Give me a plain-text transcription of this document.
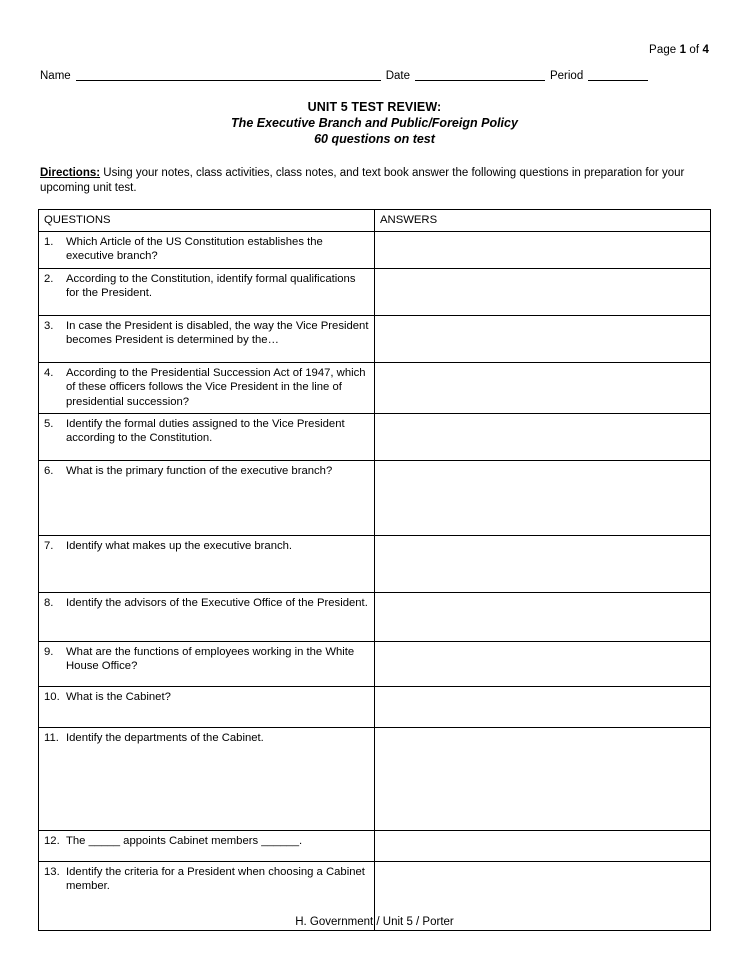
Page 1 of 4
Name	Date	Period
UNIT 5 TEST REVIEW:
The Executive Branch and Public/Foreign Policy
60 questions on test
Directions: Using your notes, class activities, class notes, and text book answer the following questions in preparation for your upcoming unit test.
QUESTIONS	ANSWERS

1. Which Article of the US Constitution establishes the executive branch?	

2. According to the Constitution, identify formal qualifications for the President.	

3. In case the President is disabled, the way the Vice President becomes President is determined by the…	

4. According to the Presidential Succession Act of 1947, which of these officers follows the Vice President in the line of presidential succession?	

5. Identify the formal duties assigned to the Vice President according to the Constitution.	

6. What is the primary function of the executive branch?	

7. Identify what makes up the executive branch.	

8. Identify the advisors of the Executive Office of the President.	

9. What are the functions of employees working in the White House Office?	

10. What is the Cabinet?	

11. Identify the departments of the Cabinet.	

12. The _____ appoints Cabinet members ______.	

13. Identify the criteria for a President when choosing a Cabinet member.	

H. Government / Unit 5 / Porter
